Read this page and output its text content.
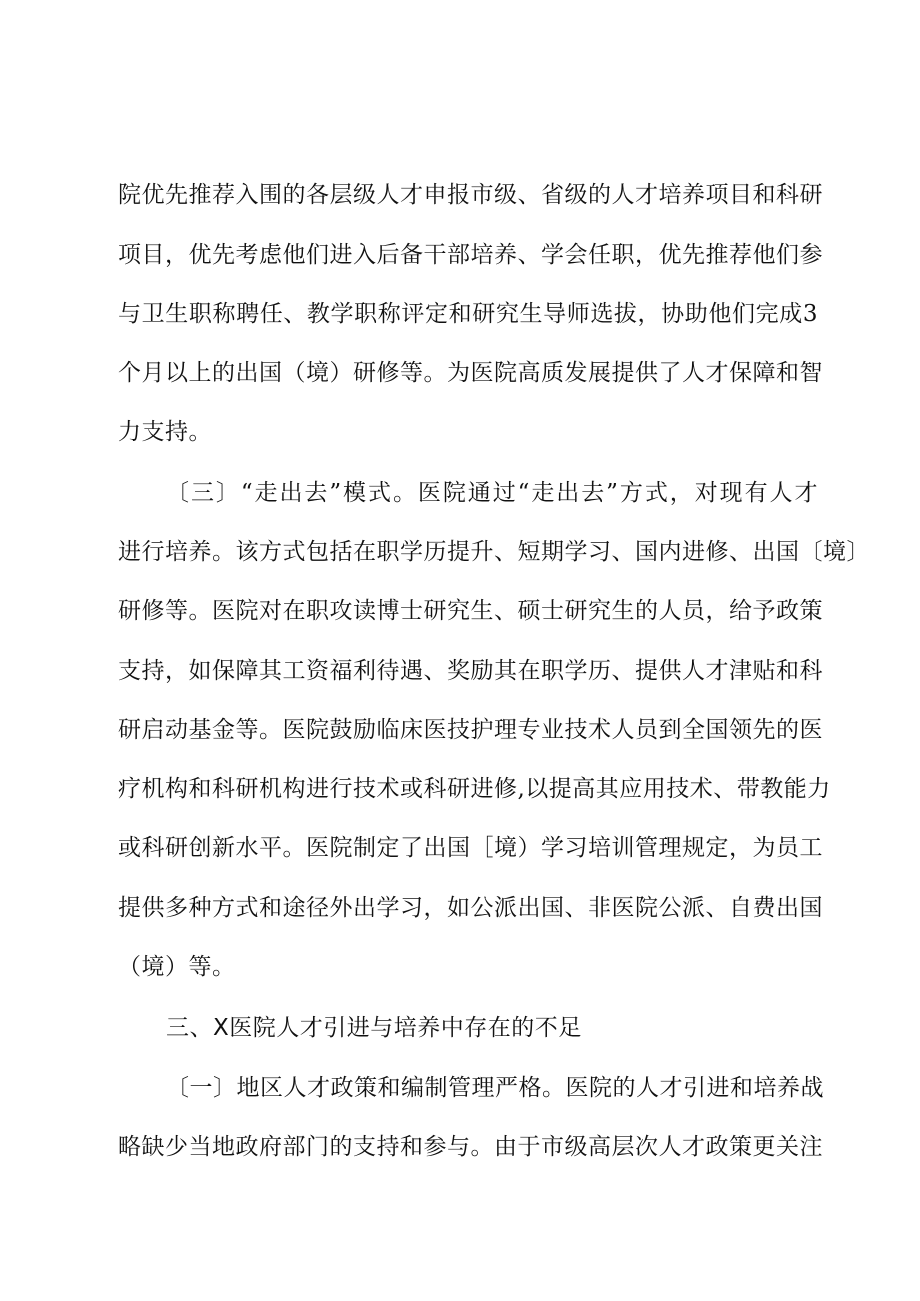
院优先推荐入围的各层级人才申报市级、省级的人才培养项目和科研
项目，优先考虑他们进入后备干部培养、学会任职，优先推荐他们参
与卫生职称聘任、教学职称评定和研究生导师选拔，协助他们完成3
个月以上的出国（境）研修等。为医院高质发展提供了人才保障和智
力支持。
〔三〕“走出去”模式。医院通过“走出去”方式，对现有人才
进行培养。该方式包括在职学历提升、短期学习、国内进修、出国〔境〕
研修等。医院对在职攻读博士研究生、硕士研究生的人员，给予政策
支持，如保障其工资福利待遇、奖励其在职学历、提供人才津贴和科
研启动基金等。医院鼓励临床医技护理专业技术人员到全国领先的医
疗机构和科研机构进行技术或科研进修,以提高其应用技术、带教能力
或科研创新水平。医院制定了出国［境）学习培训管理规定，为员工
提供多种方式和途径外出学习，如公派出国、非医院公派、自费出国
（境）等。
三、X医院人才引进与培养中存在的不足
〔一〕地区人才政策和编制管理严格。医院的人才引进和培养战
略缺少当地政府部门的支持和参与。由于市级高层次人才政策更关注
